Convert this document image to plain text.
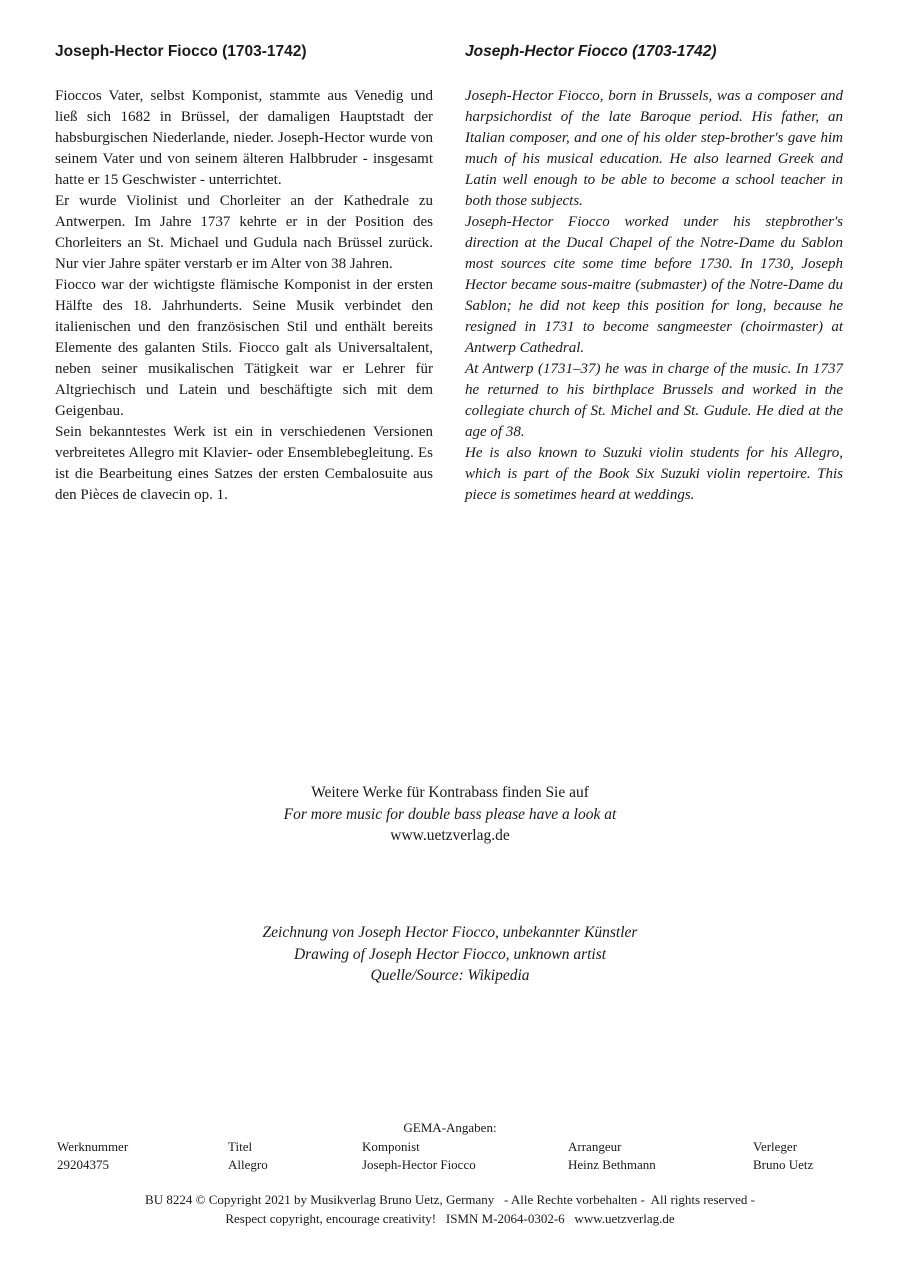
Joseph-Hector Fiocco (1703-1742)

Fioccos Vater, selbst Komponist, stammte aus Venedig und ließ sich 1682 in Brüssel, der damaligen Hauptstadt der habsburgischen Niederlande, nieder. Joseph-Hector wurde von seinem Vater und von seinem älteren Halbbruder - insgesamt hatte er 15 Geschwister - unterrichtet.

Er wurde Violinist und Chorleiter an der Kathedrale zu Antwerpen. Im Jahre 1737 kehrte er in der Position des Chorleiters an St. Michael und Gudula nach Brüssel zurück. Nur vier Jahre später verstarb er im Alter von 38 Jahren.

Fiocco war der wichtigste flämische Komponist in der ersten Hälfte des 18. Jahrhunderts. Seine Musik verbindet den italienischen und den französischen Stil und enthält bereits Elemente des galanten Stils. Fiocco galt als Universaltalent, neben seiner musikalischen Tätigkeit war er Lehrer für Altgriechisch und Latein und beschäftigte sich mit dem Geigenbau.

Sein bekanntestes Werk ist ein in verschiedenen Versionen verbreitetes Allegro mit Klavier- oder Ensemblebegleitung. Es ist die Bearbeitung eines Satzes der ersten Cembalosuite aus den Pièces de clavecin op. 1.

Joseph-Hector Fiocco (1703-1742)

Joseph-Hector Fiocco, born in Brussels, was a composer and harpsichordist of the late Baroque period. His father, an Italian composer, and one of his older step-brother's gave him much of his musical education. He also learned Greek and Latin well enough to be able to become a school teacher in both those subjects.

Joseph-Hector Fiocco worked under his stepbrother's direction at the Ducal Chapel of the Notre-Dame du Sablon most sources cite some time before 1730. In 1730, Joseph Hector became sous-maitre (submaster) of the Notre-Dame du Sablon; he did not keep this position for long, because he resigned in 1731 to become sangmeester (choirmaster) at Antwerp Cathedral.

At Antwerp (1731–37) he was in charge of the music. In 1737 he returned to his birthplace Brussels and worked in the collegiate church of St. Michel and St. Gudule. He died at the age of 38.

He is also known to Suzuki violin students for his Allegro, which is part of the Book Six Suzuki violin repertoire. This piece is sometimes heard at weddings.

Weitere Werke für Kontrabass finden Sie auf
For more music for double bass please have a look at
www.uetzverlag.de
Zeichnung von Joseph Hector Fiocco, unbekannter Künstler
Drawing of Joseph Hector Fiocco, unknown artist
Quelle/Source: Wikipedia
GEMA-Angaben:
Werknummer
29204375
Titel
Allegro
Komponist
Joseph-Hector Fiocco
Arrangeur
Heinz Bethmann
Verleger
Bruno Uetz
BU 8224 © Copyright 2021 by Musikverlag Bruno Uetz, Germany   - Alle Rechte vorbehalten -  All rights reserved -
Respect copyright, encourage creativity!   ISMN M-2064-0302-6   www.uetzverlag.de
